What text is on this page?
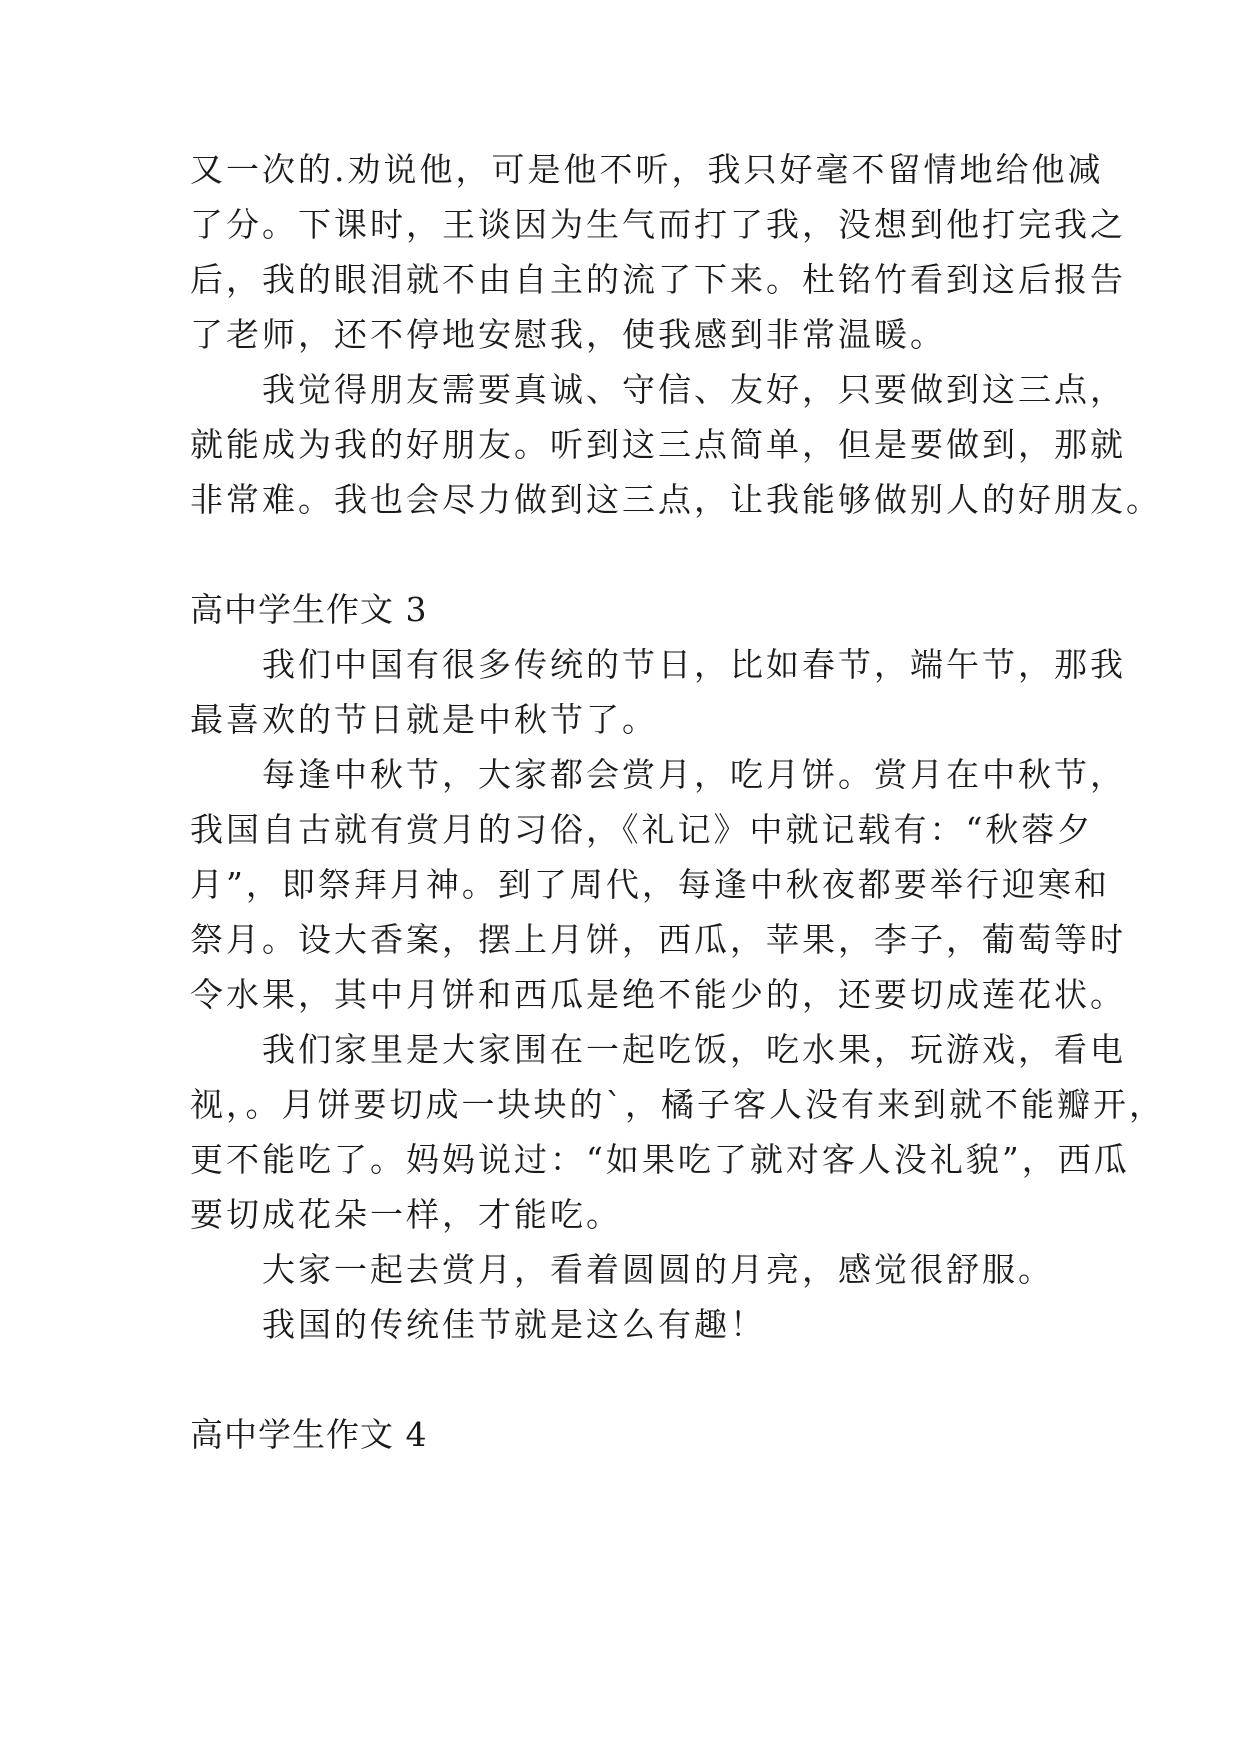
又一次的.劝说他，可是他不听，我只好毫不留情地给他减
了分。下课时，王谈因为生气而打了我，没想到他打完我之
后，我的眼泪就不由自主的流了下来。杜铭竹看到这后报告
了老师，还不停地安慰我，使我感到非常温暖。
　　我觉得朋友需要真诚、守信、友好，只要做到这三点，
就能成为我的好朋友。听到这三点简单，但是要做到，那就
非常难。我也会尽力做到这三点，让我能够做别人的好朋友。
高中学生作文 3
　　我们中国有很多传统的节日，比如春节，端午节，那我
最喜欢的节日就是中秋节了。
　　每逢中秋节，大家都会赏月，吃月饼。赏月在中秋节，
我国自古就有赏月的习俗，《礼记》中就记载有：“秋蓉夕
月”，即祭拜月神。到了周代，每逢中秋夜都要举行迎寒和
祭月。设大香案，摆上月饼，西瓜，苹果，李子，葡萄等时
令水果，其中月饼和西瓜是绝不能少的，还要切成莲花状。
　　我们家里是大家围在一起吃饭，吃水果，玩游戏，看电
视，。月饼要切成一块块的`，橘子客人没有来到就不能瓣开，
更不能吃了。妈妈说过：“如果吃了就对客人没礼貌”，西瓜
要切成花朵一样，才能吃。
　　大家一起去赏月，看着圆圆的月亮，感觉很舒服。
　　我国的传统佳节就是这么有趣！
高中学生作文 4
